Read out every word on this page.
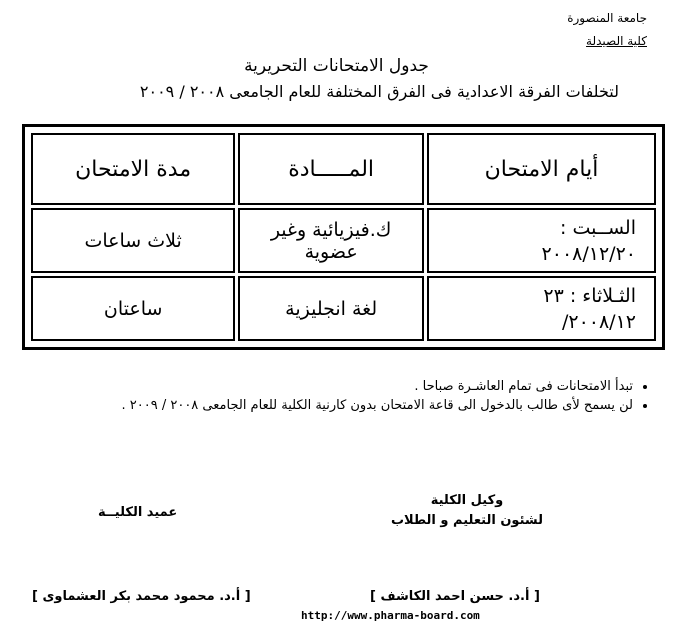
جامعة المنصورة
كلية الصيدلة
جدول الامتحانات التحريرية
لتخلفات الفرقة الاعدادية فى الفرق المختلفة للعام الجامعى ٢٠٠٨ / ٢٠٠٩
أيام الامتحان	المـــــادة	مدة الامتحان

الســبت :
٢٠٠٨/١٢/٢٠	ك.فيزيائية وغير عضوية	ثلاث ساعات

الثـلاثاء : ٢٣
٢٠٠٨/١٢/	لغة انجليزية	ساعتان
• تبدأ الامتحانات فى تمام العاشـرة صباحا .
• لن يسمح لأى طالب بالدخول الى قاعة الامتحان بدون كارنية الكلية للعام الجامعى ٢٠٠٨ / ٢٠٠٩ .
وكيل الكلية
لشئون التعليم و الطلاب
عميد الكليــة
[ أ.د. محمود محمد بكر العشماوى ]	[ أ.د. حسن احمد الكاشف ]
http://www.pharma-board.com
